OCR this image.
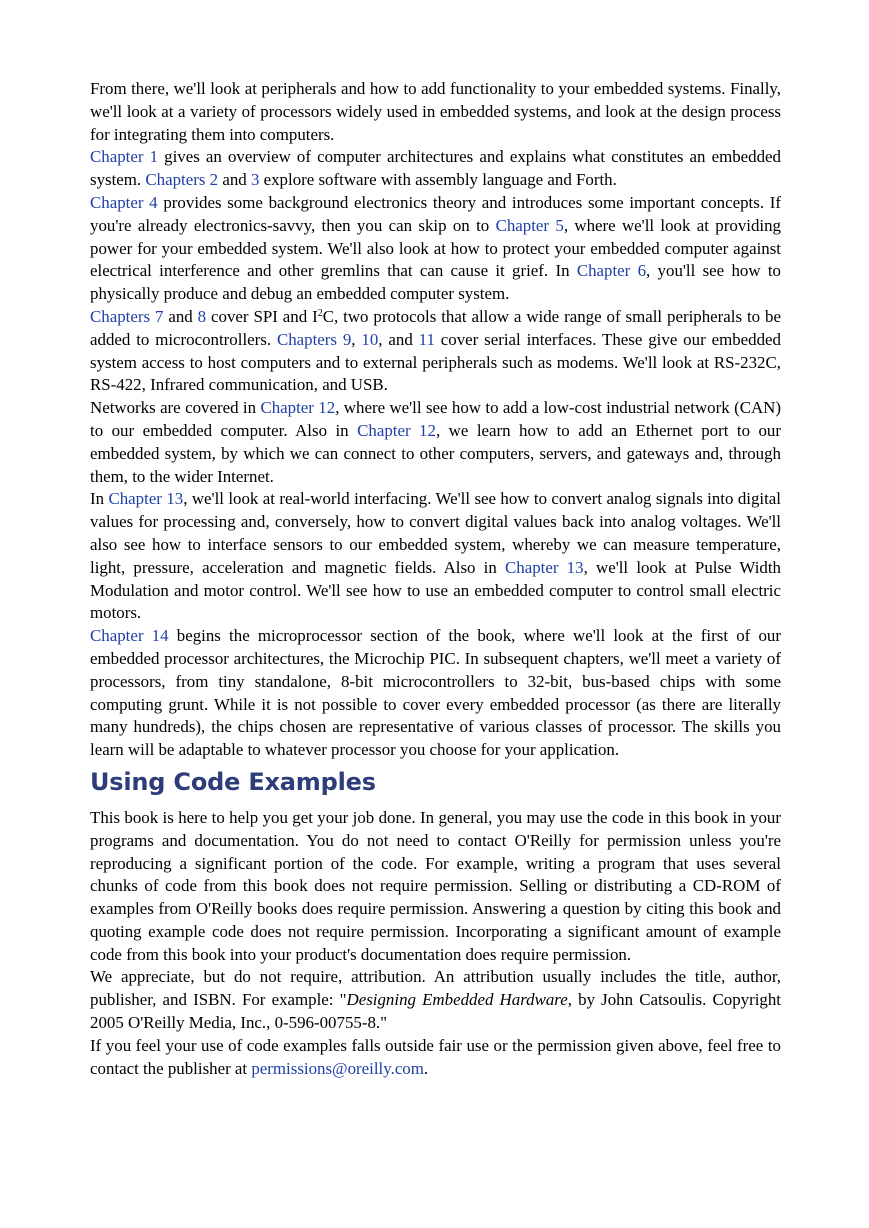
From there, we'll look at peripherals and how to add functionality to your embedded systems. Finally, we'll look at a variety of processors widely used in embedded systems, and look at the design process for integrating them into computers.

Chapter 1 gives an overview of computer architectures and explains what constitutes an embedded system. Chapters 2 and 3 explore software with assembly language and Forth.

Chapter 4 provides some background electronics theory and introduces some important concepts. If you're already electronics-savvy, then you can skip on to Chapter 5, where we'll look at providing power for your embedded system. We'll also look at how to protect your embedded computer against electrical interference and other gremlins that can cause it grief. In Chapter 6, you'll see how to physically produce and debug an embedded computer system.

Chapters 7 and 8 cover SPI and $I^2C$, two protocols that allow a wide range of small peripherals to be added to microcontrollers. Chapters 9, 10, and 11 cover serial interfaces. These give our embedded system access to host computers and to external peripherals such as modems. We'll look at RS-232C, RS-422, Infrared communication, and USB.

Networks are covered in Chapter 12, where we'll see how to add a low-cost industrial network (CAN) to our embedded computer. Also in Chapter 12, we learn how to add an Ethernet port to our embedded system, by which we can connect to other computers, servers, and gateways and, through them, to the wider Internet.

In Chapter 13, we'll look at real-world interfacing. We'll see how to convert analog signals into digital values for processing and, conversely, how to convert digital values back into analog voltages. We'll also see how to interface sensors to our embedded system, whereby we can measure temperature, light, pressure, acceleration and magnetic fields. Also in Chapter 13, we'll look at Pulse Width Modulation and motor control. We'll see how to use an embedded computer to control small electric motors.

Chapter 14 begins the microprocessor section of the book, where we'll look at the first of our embedded processor architectures, the Microchip PIC. In subsequent chapters, we'll meet a variety of processors, from tiny standalone, 8-bit microcontrollers to 32-bit, bus-based chips with some computing grunt. While it is not possible to cover every embedded processor (as there are literally many hundreds), the chips chosen are representative of various classes of processor. The skills you learn will be adaptable to whatever processor you choose for your application.

Using Code Examples

This book is here to help you get your job done. In general, you may use the code in this book in your programs and documentation. You do not need to contact O'Reilly for permission unless you're reproducing a significant portion of the code. For example, writing a program that uses several chunks of code from this book does not require permission. Selling or distributing a CD-ROM of examples from O'Reilly books does require permission. Answering a question by citing this book and quoting example code does not require permission. Incorporating a significant amount of example code from this book into your product's documentation does require permission.

We appreciate, but do not require, attribution. An attribution usually includes the title, author, publisher, and ISBN. For example: "Designing Embedded Hardware, by John Catsoulis. Copyright 2005 O'Reilly Media, Inc., 0-596-00755-8."

If you feel your use of code examples falls outside fair use or the permission given above, feel free to contact the publisher at permissions@oreilly.com.
